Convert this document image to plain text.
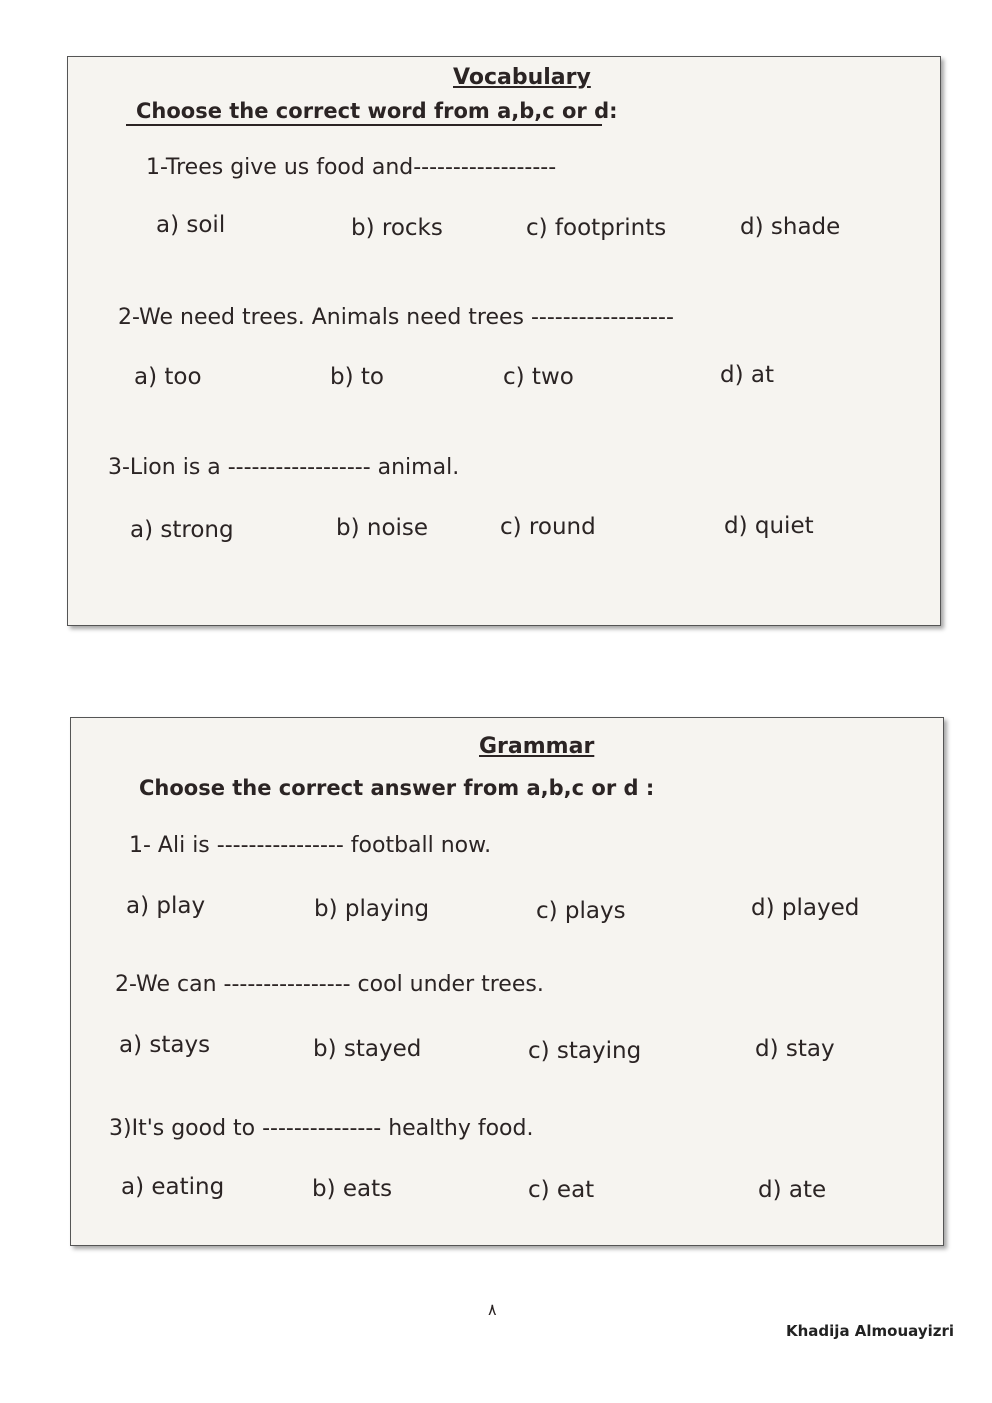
Vocabulary
Choose the correct word from a,b,c or d:
1-Trees give us food and------------------
a) soil	b) rocks	c) footprints	d) shade
2-We need trees. Animals need trees ------------------
a) too	b) to	c) two	d) at
3-Lion is a ------------------ animal.
a) strong	b) noise	c) round	d) quiet
Grammar
Choose the correct answer from a,b,c or d :
1- Ali is ---------------- football now.
a) play	b) playing	c) plays	d) played
2-We can ---------------- cool under trees.
a) stays	b) stayed	c) staying	d) stay
3)It's good to --------------- healthy food.
a) eating	b) eats	c) eat	d) ate
٨
Khadija Almouayizri
